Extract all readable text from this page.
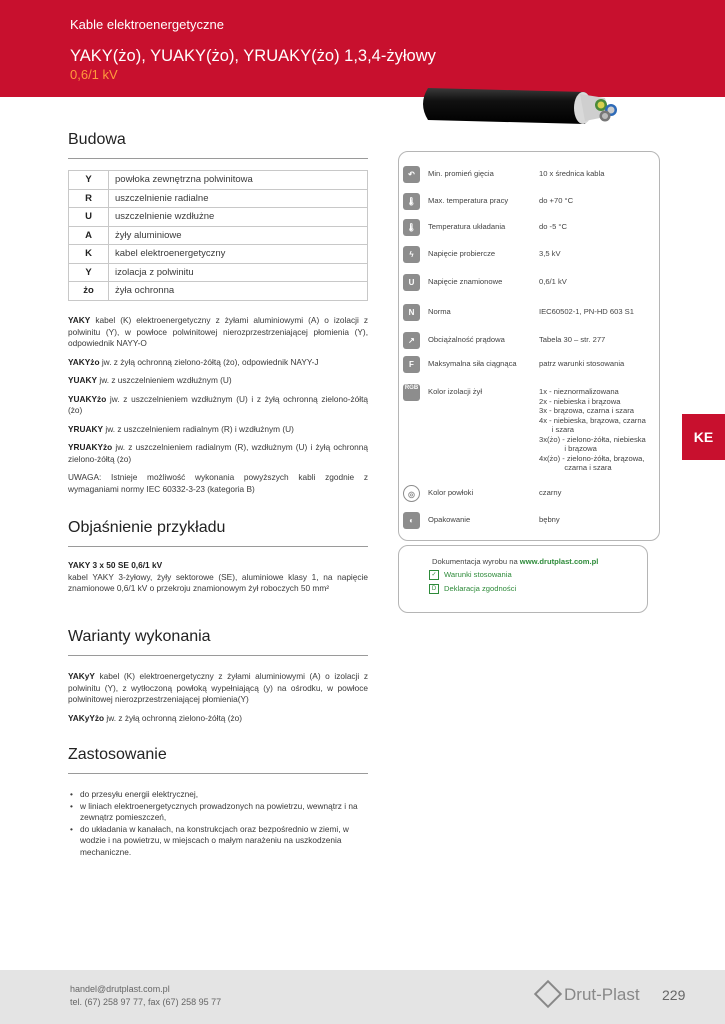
Kable elektroenergetyczne
YAKY(żo), YUAKY(żo), YRUAKY(żo) 1,3,4-żyłowy
0,6/1 kV
Budowa
Y	powłoka zewnętrzna polwinitowa
R	uszczelnienie radialne
U	uszczelnienie wzdłużne
A	żyły aluminiowe
K	kabel elektroenergetyczny
Y	izolacja z polwinitu
żo	żyła ochronna

YAKY kabel (K) elektroenergetyczny z żyłami aluminiowymi (A) o izolacji z polwinitu (Y), w powłoce polwinitowej nierozprzestrzeniającej płomienia (Y), odpowiednik NAYY-O

YAKYżo jw. z żyłą ochronną zielono-żółtą (żo), odpowiednik NAYY-J

YUAKY jw. z uszczelnieniem wzdłużnym (U)

YUAKYżo jw. z uszczelnieniem wzdłużnym (U) i z żyłą ochronną zielono-żółtą (żo)

YRUAKY jw. z uszczelnieniem radialnym (R) i wzdłużnym (U)

YRUAKYżo jw. z uszczelnieniem radialnym (R), wzdłużnym (U) i żyłą ochronną zielono-żółtą (żo)

UWAGA: Istnieje możliwość wykonania powyższych kabli zgodnie z wymaganiami normy IEC 60332-3-23 (kategoria B)

Objaśnienie przykładu

YAKY 3 x 50 SE 0,6/1 kV
kabel YAKY 3-żyłowy, żyły sektorowe (SE), aluminiowe klasy 1, na napięcie znamionowe 0,6/1 kV o przekroju znamionowym żył roboczych 50 mm²

Warianty wykonania

YAKyY kabel (K) elektroenergetyczny z żyłami aluminiowymi (A) o izolacji z polwinitu (Y), z wytłoczoną powłoką wypełniającą (y) na ośrodku, w powłoce polwinitowej nierozprzestrzeniającej płomienia(Y)

YAKyYżo jw. z żyłą ochronną zielono-żółtą (żo)

Zastosowanie
• do przesyłu energii elektrycznej,
• w liniach elektroenergetycznych prowadzonych na powietrzu, wewnątrz i na zewnątrz pomieszczeń,
• do układania w kanałach, na konstrukcjach oraz bezpośrednio w ziemi, w wodzie i na powietrzu, w miejscach o małym narażeniu na uszkodzenia mechaniczne.
↶	Min. promień gięcia	10 x średnica kabla
🌡	Max. temperatura pracy	do +70 °C
🌡	Temperatura układania	do -5 °C
ϟ	Napięcie probiercze	3,5 kV
U	Napięcie znamionowe	0,6/1 kV
N	Norma	IEC60502-1, PN-HD 603 S1
↗	Obciążalność prądowa	Tabela 30 – str. 277
F	Maksymalna siła ciągnąca	patrz warunki stosowania
RGB Kolor izolacji żył	1x - nieznormalizowana
2x - niebieska i brązowa
3x - brązowa, czarna i szara
4x - niebieska, brązowa, czarna
i szara
3x(żo) - zielono-żółta, niebieska
i brązowa
4x(żo) - zielono-żółta, brązowa,
czarna i szara
◎	Kolor powłoki	czarny
◐	Opakowanie	bębny
Dokumentacja wyrobu na www.drutplast.com.pl
✓ Warunki stosowania
D Deklaracja zgodności
KE
handel@drutplast.com.pl
tel. (67) 258 97 77, fax (67) 258 95 77	Drut-Plast 229
